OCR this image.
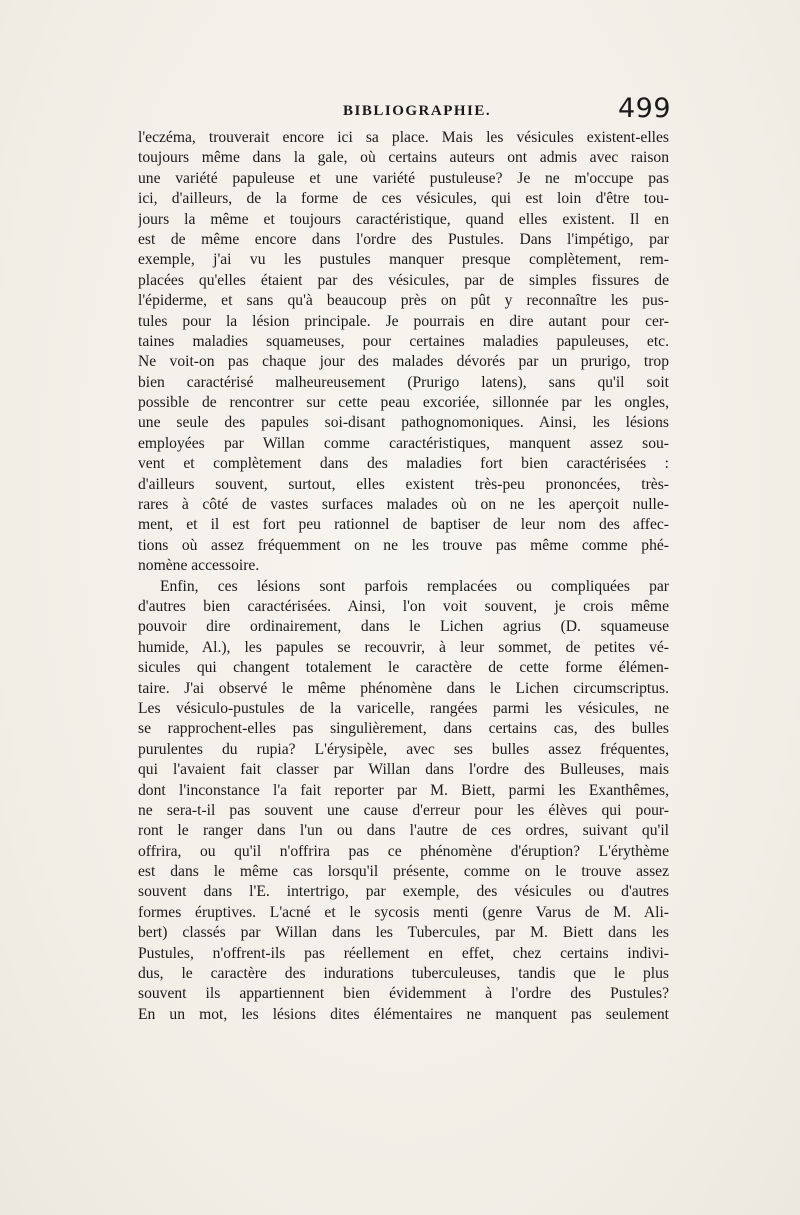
BIBLIOGRAPHIE.	499
l'eczéma, trouverait encore ici sa place. Mais les vésicules existent-elles
toujours même dans la gale, où certains auteurs ont admis avec raison
une variété papuleuse et une variété pustuleuse? Je ne m'occupe pas
ici, d'ailleurs, de la forme de ces vésicules, qui est loin d'être tou-
jours la même et toujours caractéristique, quand elles existent. Il en
est de même encore dans l'ordre des Pustules. Dans l'impétigo, par
exemple, j'ai vu les pustules manquer presque complètement, rem-
placées qu'elles étaient par des vésicules, par de simples fissures de
l'épiderme, et sans qu'à beaucoup près on pût y reconnaître les pus-
tules pour la lésion principale. Je pourrais en dire autant pour cer-
taines maladies squameuses, pour certaines maladies papuleuses, etc.
Ne voit-on pas chaque jour des malades dévorés par un prurigo, trop
bien caractérisé malheureusement (Prurigo latens), sans qu'il soit
possible de rencontrer sur cette peau excoriée, sillonnée par les ongles,
une seule des papules soi-disant pathognomoniques. Ainsi, les lésions
employées par Willan comme caractéristiques, manquent assez sou-
vent et complètement dans des maladies fort bien caractérisées :
d'ailleurs souvent, surtout, elles existent très-peu prononcées, très-
rares à côté de vastes surfaces malades où on ne les aperçoit nulle-
ment, et il est fort peu rationnel de baptiser de leur nom des affec-
tions où assez fréquemment on ne les trouve pas même comme phé-
nomène accessoire.
Enfin, ces lésions sont parfois remplacées ou compliquées par
d'autres bien caractérisées. Ainsi, l'on voit souvent, je crois même
pouvoir dire ordinairement, dans le Lichen agrius (D. squameuse
humide, Al.), les papules se recouvrir, à leur sommet, de petites vé-
sicules qui changent totalement le caractère de cette forme élémen-
taire. J'ai observé le même phénomène dans le Lichen circumscriptus.
Les vésiculo-pustules de la varicelle, rangées parmi les vésicules, ne
se rapprochent-elles pas singulièrement, dans certains cas, des bulles
purulentes du rupia? L'érysipèle, avec ses bulles assez fréquentes,
qui l'avaient fait classer par Willan dans l'ordre des Bulleuses, mais
dont l'inconstance l'a fait reporter par M. Biett, parmi les Exanthêmes,
ne sera-t-il pas souvent une cause d'erreur pour les élèves qui pour-
ront le ranger dans l'un ou dans l'autre de ces ordres, suivant qu'il
offrira, ou qu'il n'offrira pas ce phénomène d'éruption? L'érythème
est dans le même cas lorsqu'il présente, comme on le trouve assez
souvent dans l'E. intertrigo, par exemple, des vésicules ou d'autres
formes éruptives. L'acné et le sycosis menti (genre Varus de M. Ali-
bert) classés par Willan dans les Tubercules, par M. Biett dans les
Pustules, n'offrent-ils pas réellement en effet, chez certains indivi-
dus, le caractère des indurations tuberculeuses, tandis que le plus
souvent ils appartiennent bien évidemment à l'ordre des Pustules?
En un mot, les lésions dites élémentaires ne manquent pas seulement
